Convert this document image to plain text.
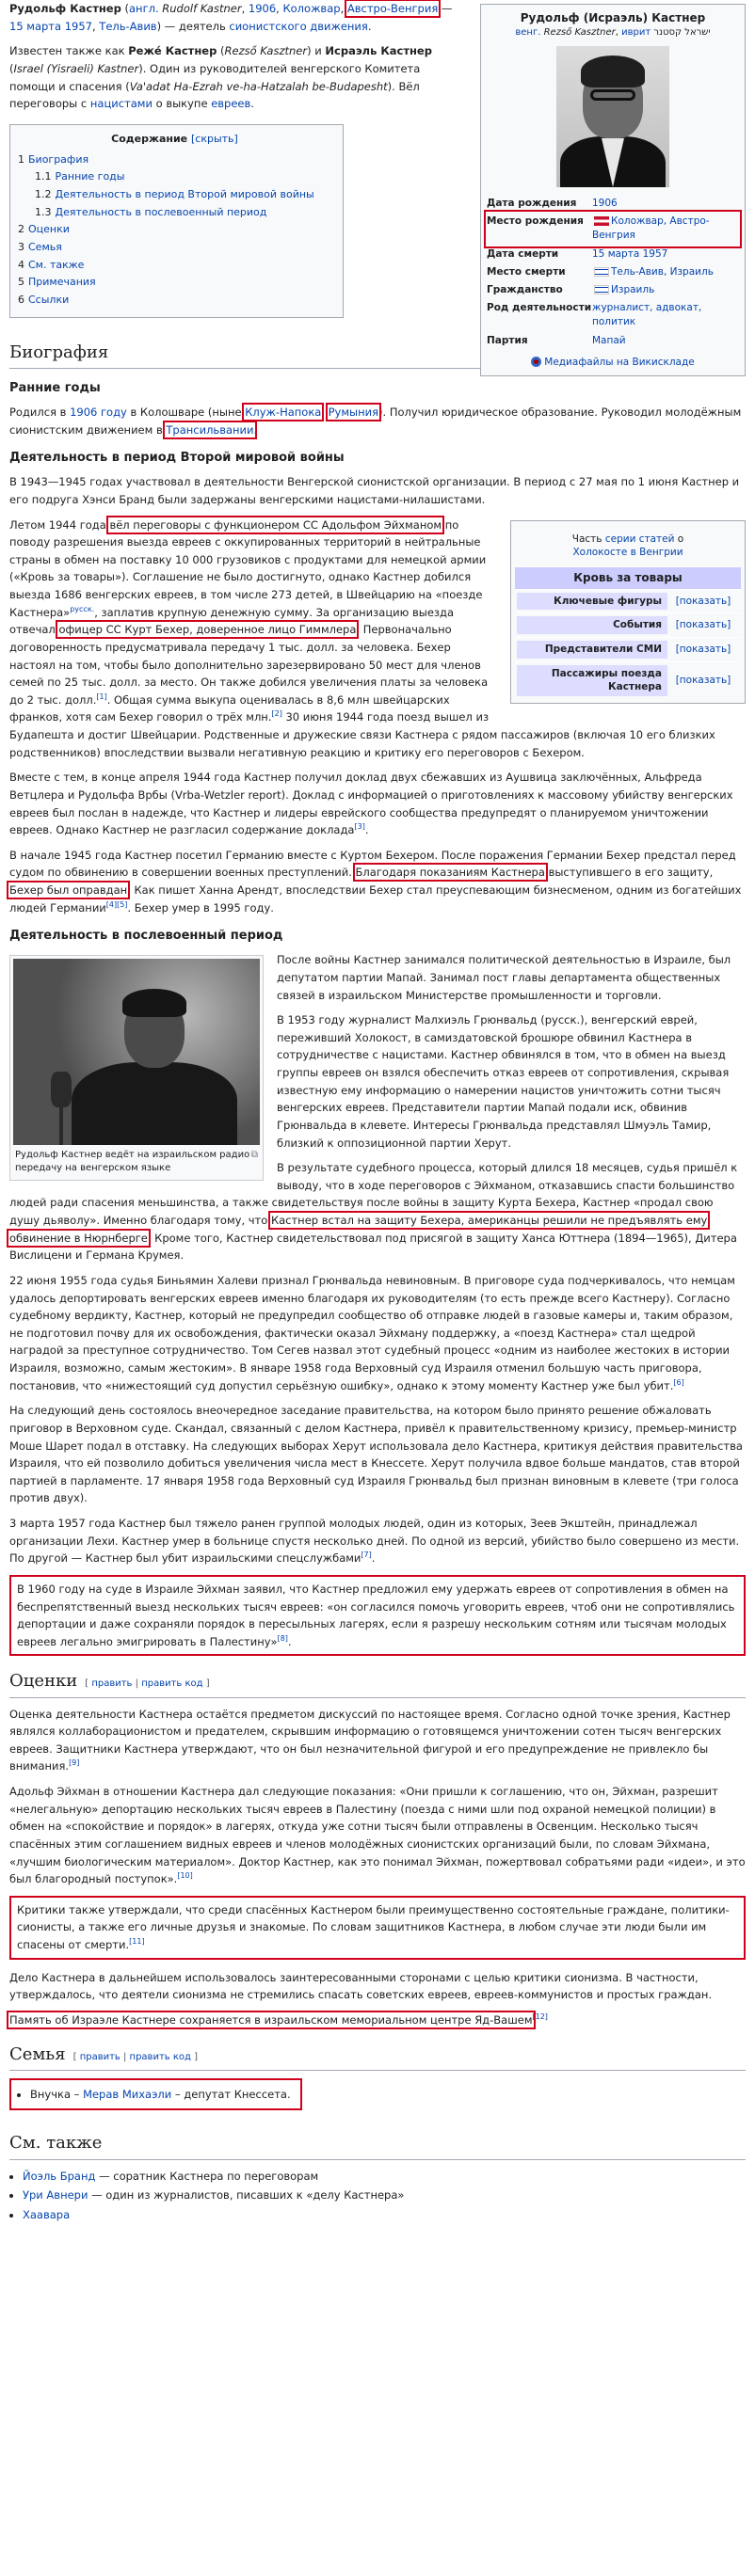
Рудольф (Исраэль) Кастнер
венг. Rezső Kasztner, иврит ישראל קסטנר
Дата рождения	1906
Место рождения	Коложвар, Австро-Венгрия
Дата смерти	15 марта 1957
Место смерти	Тель-Авив, Израиль
Гражданство	Израиль
Род деятельности журналист, адвокат, политик
Партия	Мапай
Медиафайлы на Викискладе

Рудольф Кастнер (англ. Rudolf Kastner, 1906, Коложвар, Австро-Венгрия — 15 марта 1957, Тель-Авив) — деятель сионистского движения.

Известен также как Реже́ Кастнер (Rezső Kasztner) и Исраэль Кастнер (Israel (Yisraeli) Kastner). Один из руководителей венгерского Комитета помощи и спасения (Va'adat Ha-Ezrah ve-ha-Hatzalah be-Budapesht). Вёл переговоры с нацистами о выкупе евреев.

Содержание [скрыть]
1 Биография
1.1 Ранние годы
1.2 Деятельность в период Второй мировой войны
1.3 Деятельность в послевоенный период
2 Оценки
3 Семья
4 См. также
5 Примечания
6 Ссылки
Биография
Ранние годы

Родился в 1906 году в Колошваре (ныне Клуж-Напока, Румыния). Получил юридическое образование. Руководил молодёжным сионистским движением в Трансильвании.

Деятельность в период Второй мировой войны

В 1943—1945 годах участвовал в деятельности Венгерской сионистской организации. В период с 27 мая по 1 июня Кастнер и его подруга Хэнси Бранд были задержаны венгерскими нацистами-нилашистами.

Часть серии статей о
Холокосте в Венгрии
Кровь за товары
Ключевые фигуры	[показать]
События	[показать]
Представители СМИ	[показать]
Пассажиры поезда Кастнера
[показать]

Летом 1944 года вёл переговоры с функционером СС Адольфом Эйхманом по поводу разрешения выезда евреев с оккупированных территорий в нейтральные страны в обмен на поставку 10 000 грузовиков с продуктами для немецкой армии («Кровь за товары»). Соглашение не было достигнуто, однако Кастнер добился выезда 1686 венгерских евреев, в том числе 273 детей, в Швейцарию на «поезде Кастнера»$^{русск.}$, заплатив крупную денежную сумму. За организацию выезда отвечал офицер СС Курт Бехер, доверенное лицо Гиммлера. Первоначально договоренность предусматривала передачу 1 тыс. долл. за человека. Бехер настоял на том, чтобы было дополнительно зарезервировано 50 мест для членов семей по 25 тыс. долл. за место. Он также добился увеличения платы за человека до 2 тыс. долл.[1]. Общая сумма выкупа оценивалась в 8,6 млн швейцарских франков, хотя сам Бехер говорил о трёх млн.[2] 30 июня 1944 года поезд вышел из Будапешта и достиг Швейцарии. Родственные и дружеские связи Кастнера с рядом пассажиров (включая 10 его близких родственников) впоследствии вызвали негативную реакцию и критику его переговоров с Бехером.

Вместе с тем, в конце апреля 1944 года Кастнер получил доклад двух сбежавших из Аушвица заключённых, Альфреда Ветцлера и Рудольфа Врбы (Vrba-Wetzler report). Доклад с информацией о приготовлениях к массовому убийству венгерских евреев был послан в надежде, что Кастнер и лидеры еврейского сообщества предупредят о планируемом уничтожении евреев. Однако Кастнер не разгласил содержание доклада[3].

В начале 1945 года Кастнер посетил Германию вместе с Куртом Бехером. После поражения Германии Бехер предстал перед судом по обвинению в совершении военных преступлений. Благодаря показаниям Кастнера выступившего в его защиту, Бехер был оправдан. Как пишет Ханна Арендт, впоследствии Бехер стал преуспевающим бизнесменом, одним из богатейших людей Германии[4][5]. Бехер умер в 1995 году.

Деятельность в послевоенный период
⧉
Рудольф Кастнер ведёт на израильском радио передачу на венгерском языке

После войны Кастнер занимался политической деятельностью в Израиле, был депутатом партии Мапай. Занимал пост главы департамента общественных связей в израильском Министерстве промышленности и торговли.

В 1953 году журналист Малхиэль Грюнвальд (русск.), венгерский еврей, переживший Холокост, в самиздатовской брошюре обвинил Кастнера в сотрудничестве с нацистами. Кастнер обвинялся в том, что в обмен на выезд группы евреев он взялся обеспечить отказ евреев от сопротивления, скрывая известную ему информацию о намерении нацистов уничтожить сотни тысяч венгерских евреев. Представители партии Мапай подали иск, обвинив Грюнвальда в клевете. Интересы Грюнвальда представлял Шмуэль Тамир, близкий к оппозиционной партии Херут.

В результате судебного процесса, который длился 18 месяцев, судья пришёл к выводу, что в ходе переговоров с Эйхманом, отказавшись спасти большинство людей ради спасения меньшинства, а также свидетельствуя после войны в защиту Курта Бехера, Кастнер «продал свою душу дьяволу». Именно благодаря тому, что Кастнер встал на защиту Бехера, американцы решили не предъявлять ему обвинение в Нюрнберге. Кроме того, Кастнер свидетельствовал под присягой в защиту Ханса Юттнера (1894—1965), Дитера Вислицени и Германа Крумея.

22 июня 1955 года судья Биньямин Халеви признал Грюнвальда невиновным. В приговоре суда подчеркивалось, что немцам удалось депортировать венгерских евреев именно благодаря их руководителям (то есть прежде всего Кастнеру). Согласно судебному вердикту, Кастнер, который не предупредил сообщество об отправке людей в газовые камеры и, таким образом, не подготовил почву для их освобождения, фактически оказал Эйхману поддержку, а «поезд Кастнера» стал щедрой наградой за преступное сотрудничество. Том Сегев назвал этот судебный процесс «одним из наиболее жестоких в истории Израиля, возможно, самым жестоким». В январе 1958 года Верховный суд Израиля отменил большую часть приговора, постановив, что «нижестоящий суд допустил серьёзную ошибку», однако к этому моменту Кастнер уже был убит.[6]

На следующий день состоялось внеочередное заседание правительства, на котором было принято решение обжаловать приговор в Верховном суде. Скандал, связанный с делом Кастнера, привёл к правительственному кризису, премьер-министр Моше Шарет подал в отставку. На следующих выборах Херут использовала дело Кастнера, критикуя действия правительства Израиля, что ей позволило добиться увеличения числа мест в Кнессете. Херут получила вдвое больше мандатов, став второй партией в парламенте. 17 января 1958 года Верховный суд Израиля Грюнвальд был признан виновным в клевете (три голоса против двух).

3 марта 1957 года Кастнер был тяжело ранен группой молодых людей, один из которых, Зеев Экштейн, принадлежал организации Лехи. Кастнер умер в больнице спустя несколько дней. По одной из версий, убийство было совершено из мести. По другой — Кастнер был убит израильскими спецслужбами[7].

В 1960 году на суде в Израиле Эйхман заявил, что Кастнер предложил ему удержать евреев от сопротивления в обмен на беспрепятственный выезд нескольких тысяч евреев: «он согласился помочь уговорить евреев, чтоб они не сопротивлялись депортации и даже сохраняли порядок в пересыльных лагерях, если я разрешу нескольким сотням или тысячам молодых евреев легально эмигрировать в Палестину»[8].
Оценки [ править | править код ]

Оценка деятельности Кастнера остаётся предметом дискуссий по настоящее время. Согласно одной точке зрения, Кастнер являлся коллаборационистом и предателем, скрывшим информацию о готовящемся уничтожении сотен тысяч венгерских евреев. Защитники Кастнера утверждают, что он был незначительной фигурой и его предупреждение не привлекло бы внимания.[9]

Адольф Эйхман в отношении Кастнера дал следующие показания: «Они пришли к соглашению, что он, Эйхман, разрешит «нелегальную» депортацию нескольких тысяч евреев в Палестину (поезда с ними шли под охраной немецкой полиции) в обмен на «спокойствие и порядок» в лагерях, откуда уже сотни тысяч были отправлены в Освенцим. Несколько тысяч спасённых этим соглашением видных евреев и членов молодёжных сионистских организаций были, по словам Эйхмана, «лучшим биологическим материалом». Доктор Кастнер, как это понимал Эйхман, пожертвовал собратьями ради «идеи», и это был благородный поступок».[10]

Критики также утверждали, что среди спасённых Кастнером были преимущественно состоятельные граждане, политики-сионисты, а также его личные друзья и знакомые. По словам защитников Кастнера, в любом случае эти люди были им спасены от смерти.[11]

Дело Кастнера в дальнейшем использовалось заинтересованными сторонами с целью критики сионизма. В частности, утверждалось, что деятели сионизма не стремились спасать советских евреев, евреев-коммунистов и простых граждан.

Память об Израэле Кастнере сохраняется в израильском мемориальном центре Яд-Вашем[12]

Семья [ править | править код ]
• Внучка – Мерав Михаэли – депутат Кнессета.
См. также
• Йоэль Бранд — соратник Кастнера по переговорам
• Ури Авнери — один из журналистов, писавших к «делу Кастнера»
• Хаавара
